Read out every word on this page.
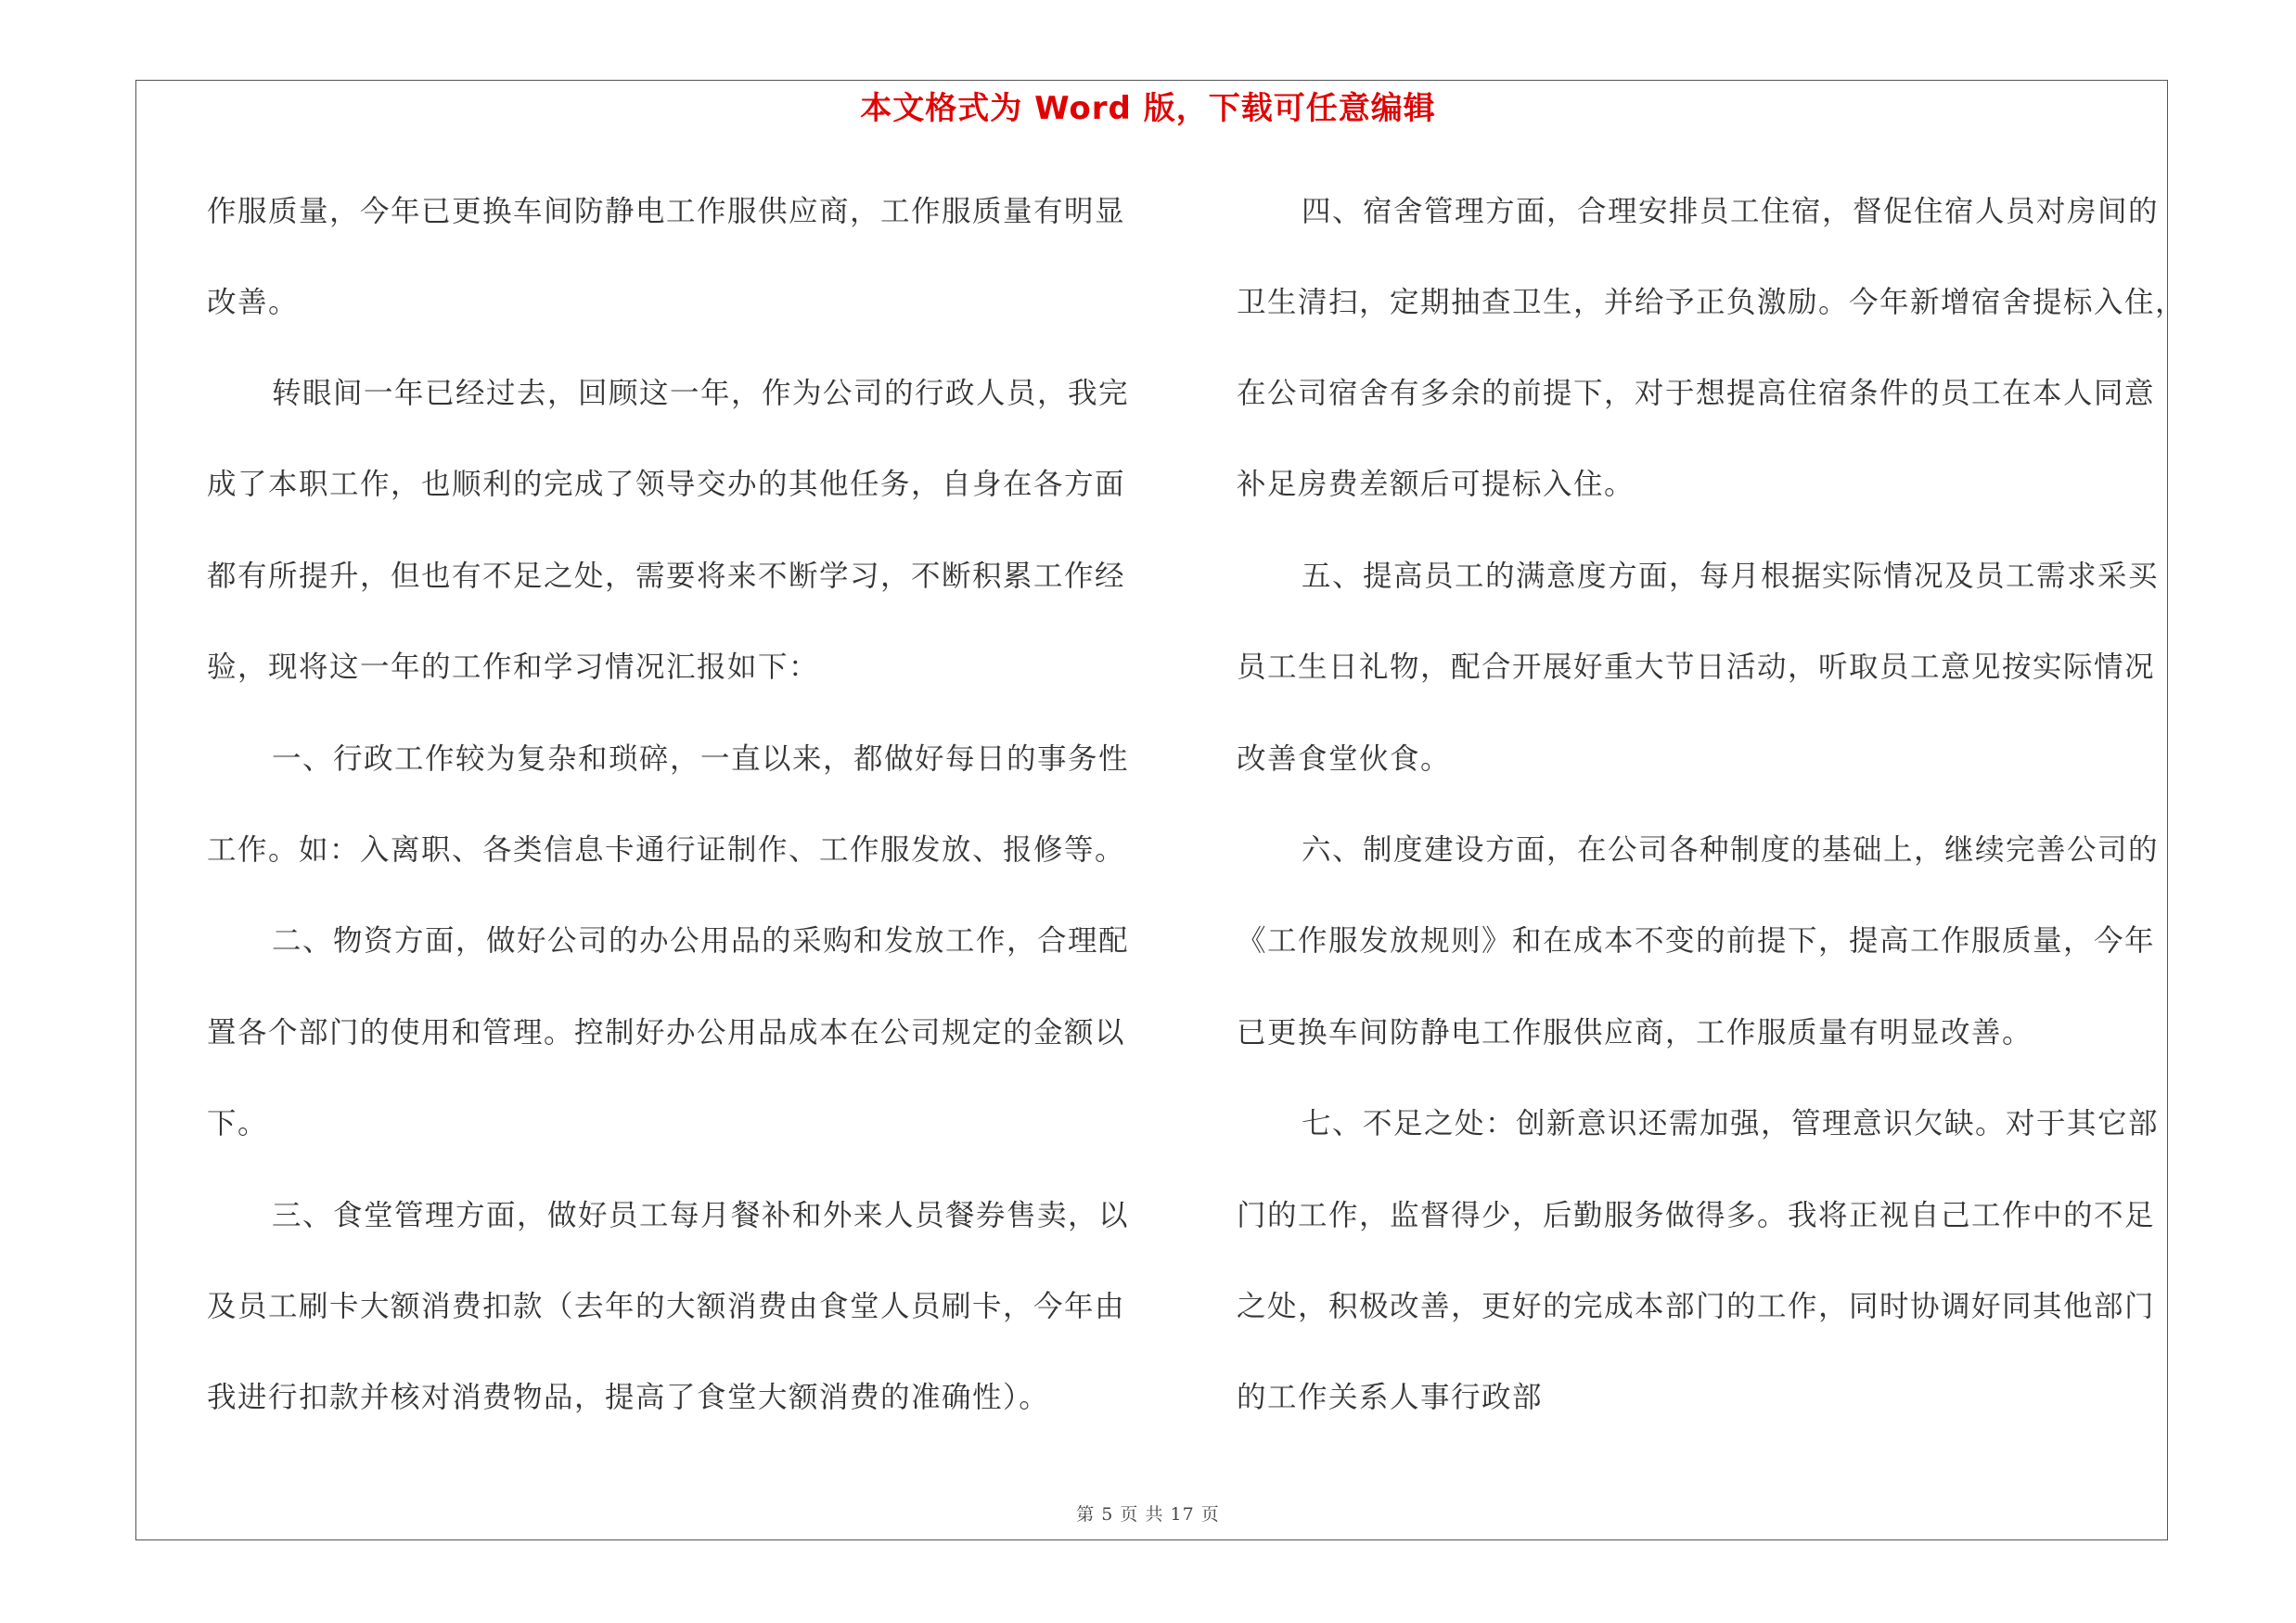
本文格式为 Word 版，下载可任意编辑
作服质量，今年已更换车间防静电工作服供应商，工作服质量有明显
改善。
转眼间一年已经过去，回顾这一年，作为公司的行政人员，我完
成了本职工作，也顺利的完成了领导交办的其他任务，自身在各方面
都有所提升，但也有不足之处，需要将来不断学习，不断积累工作经
验，现将这一年的工作和学习情况汇报如下：
一、行政工作较为复杂和琐碎，一直以来，都做好每日的事务性
工作。如：入离职、各类信息卡通行证制作、工作服发放、报修等。
二、物资方面，做好公司的办公用品的采购和发放工作，合理配
置各个部门的使用和管理。控制好办公用品成本在公司规定的金额以
下。
三、食堂管理方面，做好员工每月餐补和外来人员餐券售卖，以
及员工刷卡大额消费扣款（去年的大额消费由食堂人员刷卡，今年由
我进行扣款并核对消费物品，提高了食堂大额消费的准确性）。
四、宿舍管理方面，合理安排员工住宿，督促住宿人员对房间的
卫生清扫，定期抽查卫生，并给予正负激励。今年新增宿舍提标入住，
在公司宿舍有多余的前提下，对于想提高住宿条件的员工在本人同意
补足房费差额后可提标入住。
五、提高员工的满意度方面，每月根据实际情况及员工需求采买
员工生日礼物，配合开展好重大节日活动，听取员工意见按实际情况
改善食堂伙食。
六、制度建设方面，在公司各种制度的基础上，继续完善公司的
《工作服发放规则》和在成本不变的前提下，提高工作服质量，今年
已更换车间防静电工作服供应商，工作服质量有明显改善。
七、不足之处：创新意识还需加强，管理意识欠缺。对于其它部
门的工作，监督得少，后勤服务做得多。我将正视自己工作中的不足
之处，积极改善，更好的完成本部门的工作，同时协调好同其他部门
的工作关系人事行政部
第 5 页 共 17 页
